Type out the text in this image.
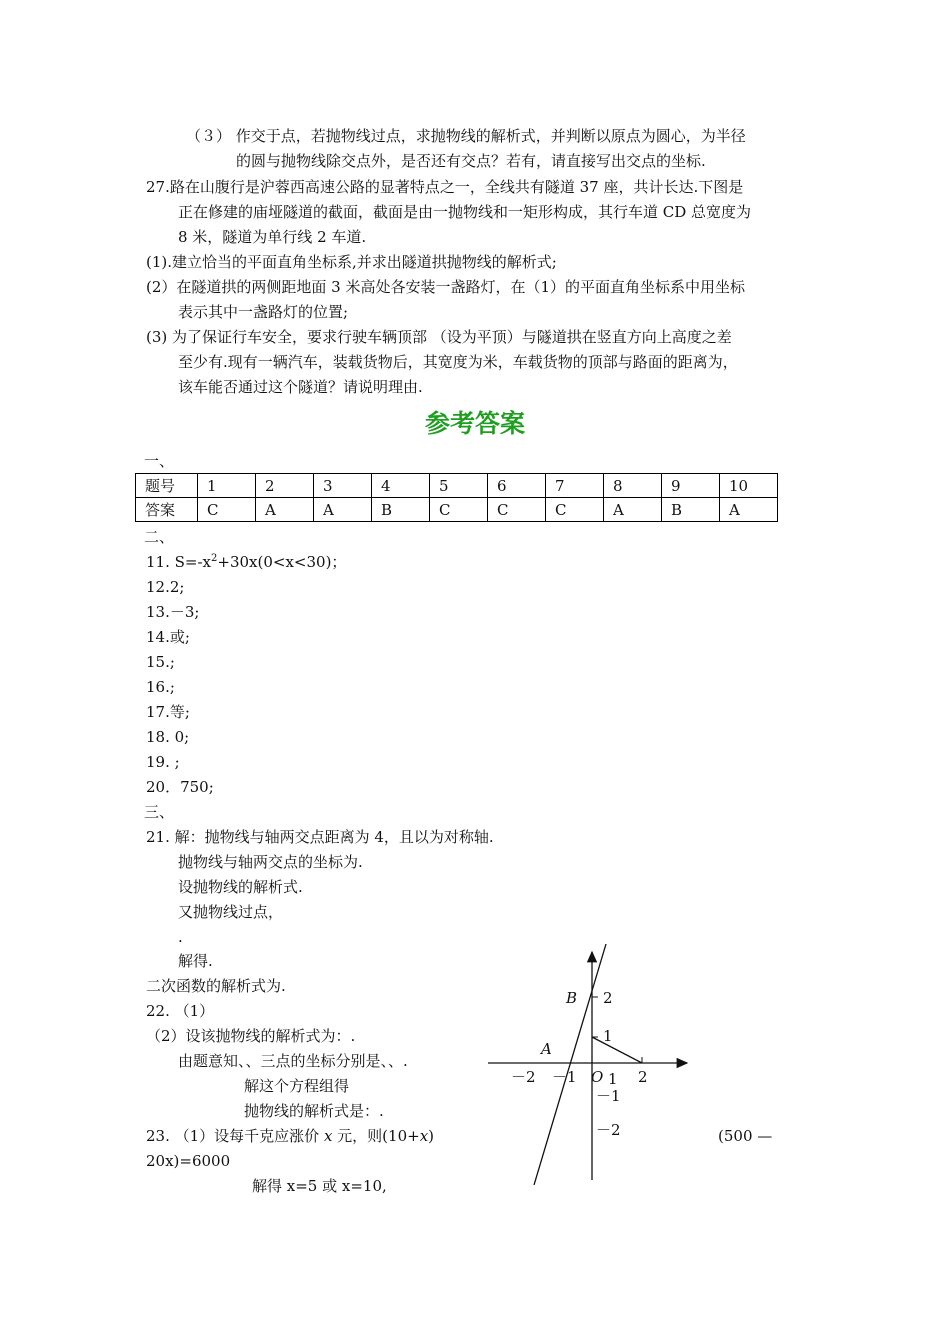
（３） 作交于点，若抛物线过点，求抛物线的解析式，并判断以原点为圆心，为半径
的圆与抛物线除交点外，是否还有交点？若有，请直接写出交点的坐标.
27.路在山腹行是沪蓉西高速公路的显著特点之一，全线共有隧道 37 座，共计长达.下图是
正在修建的庙垭隧道的截面，截面是由一抛物线和一矩形构成，其行车道 CD 总宽度为
8 米，隧道为单行线 2 车道.
(1).建立恰当的平面直角坐标系,并求出隧道拱抛物线的解析式;
(2）在隧道拱的两侧距地面 3 米高处各安装一盏路灯，在（1）的平面直角坐标系中用坐标
表示其中一盏路灯的位置;
(3) 为了保证行车安全，要求行驶车辆顶部 （设为平顶）与隧道拱在竖直方向上高度之差
至少有.现有一辆汽车，装载货物后，其宽度为米，车载货物的顶部与路面的距离为，
该车能否通过这个隧道？请说明理由.
参考答案
一、
题号	1	2	3	4	5	6	7	8	9	10
答案	C	A	A	B	C	C	C	A	B	A
二、
11. $S=-x^2+30x(0<x<30)$；
12.2;
13.－3;
14.或;
15.;
16.;
17.等;
18. 0;
19. ;
20．750;
三、
21. 解：抛物线与轴两交点距离为 4，且以为对称轴.
抛物线与轴两交点的坐标为.
设抛物线的解析式.
又抛物线过点，
.
解得.
二次函数的解析式为.
22. （1）
（2）设该抛物线的解析式为：.
由题意知、、三点的坐标分别是、、.
解这个方程组得
抛物线的解析式是：.
23. （1）设每千克应涨价 x 元，则(10+x)	(500 —
20x)=6000
解得 x=5 或 x=10,
B 2
1
A
－2 －1 O 1 2
－1
－2
